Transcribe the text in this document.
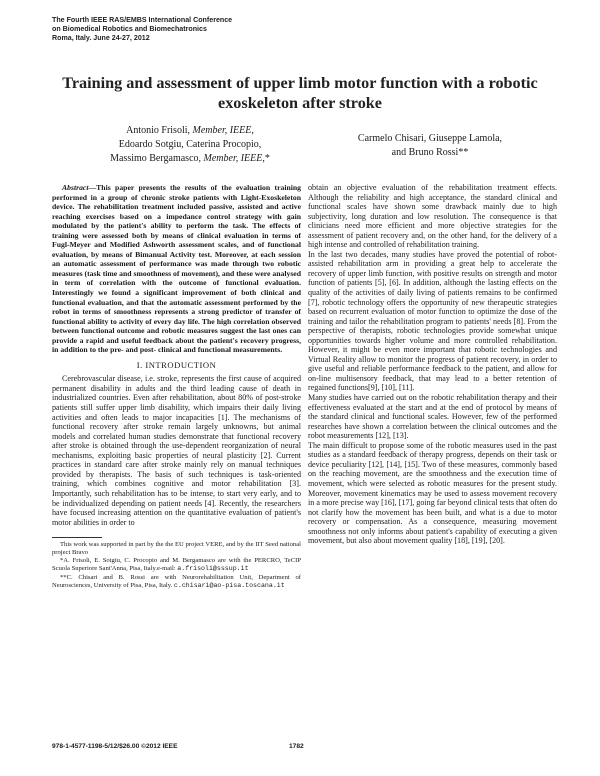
The Fourth IEEE RAS/EMBS International Conference
on Biomedical Robotics and Biomechatronics
Roma, Italy. June 24-27, 2012
Training and assessment of upper limb motor function with a robotic
exoskeleton after stroke
Antonio Frisoli, Member, IEEE,
Edoardo Sotgiu, Caterina Procopio,
Massimo Bergamasco, Member, IEEE,*
Carmelo Chisari, Giuseppe Lamola,
and Bruno Rossi**

Abstract—This paper presents the results of the evaluation training performed in a group of chronic stroke patients with Light-Exoskeleton device. The rehabilitation treatment included passive, assisted and active reaching exercises based on a impedance control strategy with gain modulated by the patient's ability to perform the task. The effects of training were assessed both by means of clinical evaluation in terms of Fugl-Meyer and Modified Ashworth assessment scales, and of functional evaluation, by means of Bimanual Activity test. Moreover, at each session an automatic assessment of performance was made through two robotic measures (task time and smoothness of movement), and these were analysed in term of correlation with the outcome of functional evaluation. Interestingly we found a significant improvement of both clinical and functional evaluation, and that the automatic assessment performed by the robot in terms of smoothness represents a strong predictor of transfer of functional ability to activity of every day life. The high correlation observed between functional outcome and robotic measures suggest the last ones can provide a rapid and useful feedback about the patient's recovery progress, in addition to the pre- and post- clinical and functional measurements.

I. INTRODUCTION

Cerebrovascular disease, i.e. stroke, represents the first cause of acquired permanent disability in adults and the third leading cause of death in industrialized countries. Even after rehabilitation, about 80% of post-stroke patients still suffer upper limb disability, which impairs their daily living activities and often leads to major incapacities [1]. The mechanisms of functional recovery after stroke remain largely unknowns, but animal models and correlated human studies demonstrate that functional recovery after stroke is obtained through the use-dependent reorganization of neural mechanisms, exploiting basic properties of neural plasticity [2]. Current practices in standard care after stroke mainly rely on manual techniques provided by therapists. The basis of such techniques is task-oriented training, which combines cognitive and motor rehabilitation [3]. Importantly, such rehabilitation has to be intense, to start very early, and to be individualized depending on patient needs [4]. Recently, the researchers have focused increasing attention on the quantitative evaluation of patient's motor abilities in order to

This work was supported in part by the the EU project VERE, and by the IIT Seed national project Bravo

*A. Frisoli, E. Sotgiu, C. Procopio and M. Bergamasco are with the PERCRO, TeCIP Scuola Superiore Sant'Anna, Pisa, Italy.e-mail: a.frisoli@sssup.it

**C. Chisari and B. Rossi are with Neurorehabilitation Unit, Department of Neurosciences, University of Pisa, Pisa, Italy. c.chisari@ao-pisa.toscana.it

obtain an objective evaluation of the rehabilitation treatment effects. Although the reliability and high acceptance, the standard clinical and functional scales have shown some drawback mainly due to high subjectivity, long duration and low resolution. The consequence is that clinicians need more efficient and more objective strategies for the assessment of patient recovery and, on the other hand, for the delivery of a high intense and controlled of rehabilitation training.

In the last two decades, many studies have proved the potential of robot-assisted rehabilitation arm in providing a great help to accelerate the recovery of upper limb function, with positive results on strength and motor function of patients [5], [6]. In addition, although the lasting effects on the quality of the activities of daily living of patients remains to be confirmed [7], robotic technology offers the opportunity of new therapeutic strategies based on recurrent evaluation of motor function to optimize the dose of the training and tailor the rehabilitation program to patients' needs [8]. From the perspective of therapists, robotic technologies provide somewhat unique opportunities towards higher volume and more controlled rehabilitation. However, it might be even more important that robotic technologies and Virtual Reality allow to monitor the progress of patient recovery, in order to give useful and reliable performance feedback to the patient, and allow for on-line multisensory feedback, that may lead to a better retention of regained functions[9], [10], [11].

Many studies have carried out on the robotic rehabilitation therapy and their effectiveness evaluated at the start and at the end of protocol by means of the standard clinical and functional scales. However, few of the performed researches have shown a correlation between the clinical outcomes and the robot measurements [12], [13].

The main difficult to propose some of the robotic measures used in the past studies as a standard feedback of therapy progress, depends on their task or device peculiarity [12], [14], [15]. Two of these measures, commonly based on the reaching movement, are the smoothness and the execution time of movement, which were selected as robotic measures for the present study. Moreover, movement kinematics may be used to assess movement recovery in a more precise way [16], [17], going far beyond clinical tests that often do not clarify how the movement has been built, and what is a due to motor recovery or compensation. As a consequence, measuring movement smoothness not only informs about patient's capability of executing a given movement, but also about movement quality [18], [19], [20].

978-1-4577-1198-5/12/$26.00 ©2012 IEEE	1782
